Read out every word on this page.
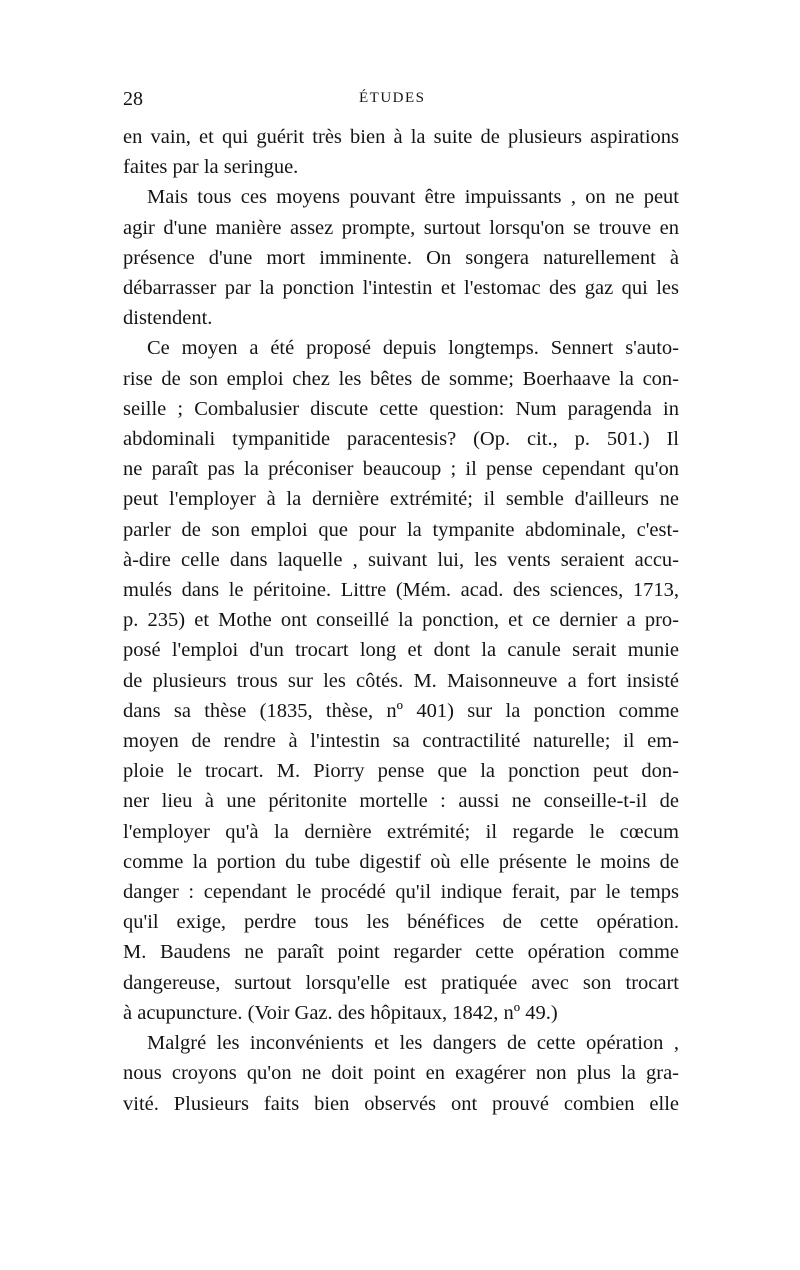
28	ÉTUDES

en vain, et qui guérit très bien à la suite de plusieurs aspirations

faites par la seringue.

Mais tous ces moyens pouvant être impuissants , on ne peut

agir d'une manière assez prompte, surtout lorsqu'on se trouve en

présence d'une mort imminente. On songera naturellement à

débarrasser par la ponction l'intestin et l'estomac des gaz qui les

distendent.

Ce moyen a été proposé depuis longtemps. Sennert s'auto-

rise de son emploi chez les bêtes de somme; Boerhaave la con-

seille ; Combalusier discute cette question: Num paragenda in

abdominali tympanitide paracentesis? (Op. cit., p. 501.) Il

ne paraît pas la préconiser beaucoup ; il pense cependant qu'on

peut l'employer à la dernière extrémité; il semble d'ailleurs ne

parler de son emploi que pour la tympanite abdominale, c'est-

à-dire celle dans laquelle , suivant lui, les vents seraient accu-

mulés dans le péritoine. Littre (Mém. acad. des sciences, 1713,

p. 235) et Mothe ont conseillé la ponction, et ce dernier a pro-

posé l'emploi d'un trocart long et dont la canule serait munie

de plusieurs trous sur les côtés. M. Maisonneuve a fort insisté

dans sa thèse (1835, thèse, nº 401) sur la ponction comme

moyen de rendre à l'intestin sa contractilité naturelle; il em-

ploie le trocart. M. Piorry pense que la ponction peut don-

ner lieu à une péritonite mortelle : aussi ne conseille-t-il de

l'employer qu'à la dernière extrémité; il regarde le cœcum

comme la portion du tube digestif où elle présente le moins de

danger : cependant le procédé qu'il indique ferait, par le temps

qu'il exige, perdre tous les bénéfices de cette opération.

M. Baudens ne paraît point regarder cette opération comme

dangereuse, surtout lorsqu'elle est pratiquée avec son trocart

à acupuncture. (Voir Gaz. des hôpitaux, 1842, nº 49.)

Malgré les inconvénients et les dangers de cette opération ,

nous croyons qu'on ne doit point en exagérer non plus la gra-

vité. Plusieurs faits bien observés ont prouvé combien elle
